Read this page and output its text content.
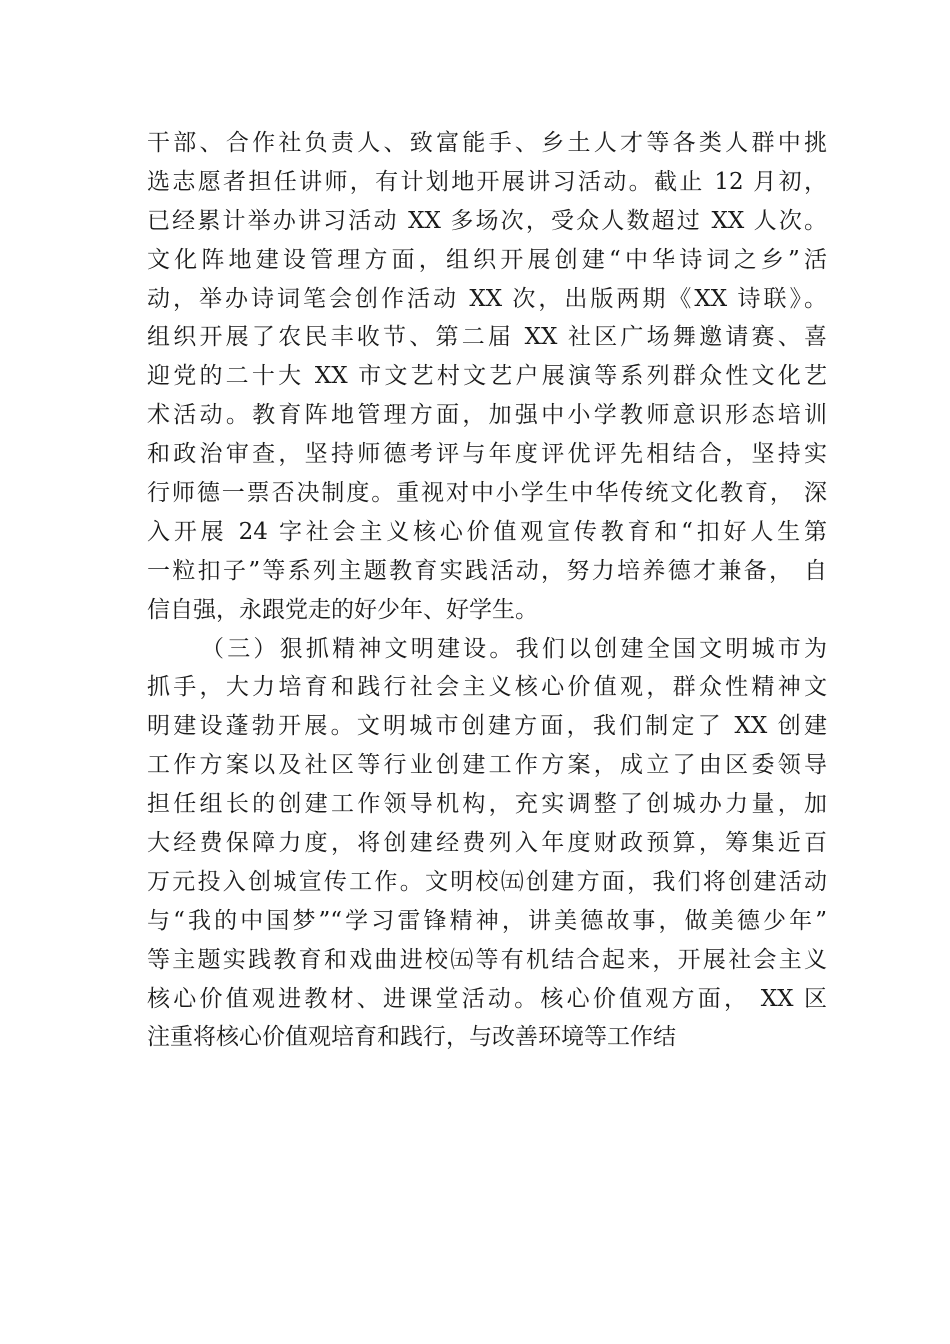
干部、合作社负责人、致富能手、乡土人才等各类人群中挑
选志愿者担任讲师，有计划地开展讲习活动。截止 12 月初，
已经累计举办讲习活动 XX 多场次，受众人数超过 XX 人次。
文化阵地建设管理方面，组织开展创建“中华诗词之乡”活
动，举办诗词笔会创作活动 XX 次，出版两期《XX 诗联》。
组织开展了农民丰收节、第二届 XX 社区广场舞邀请赛、喜
迎党的二十大 XX 市文艺村文艺户展演等系列群众性文化艺
术活动。教育阵地管理方面，加强中小学教师意识形态培训
和政治审查，坚持师德考评与年度评优评先相结合，坚持实
行师德一票否决制度。重视对中小学生中华传统文化教育， 深
入开展 24 字社会主义核心价值观宣传教育和“扣好人生第
一粒扣子”等系列主题教育实践活动，努力培养德才兼备， 自
信自强，永跟党走的好少年、好学生。
（三）狠抓精神文明建设。我们以创建全国文明城市为
抓手，大力培育和践行社会主义核心价值观，群众性精神文
明建设蓬勃开展。文明城市创建方面，我们制定了 XX 创建
工作方案以及社区等行业创建工作方案，成立了由区委领导
担任组长的创建工作领导机构，充实调整了创城办力量，加
大经费保障力度，将创建经费列入年度财政预算，筹集近百
万元投入创城宣传工作。文明校㈤创建方面，我们将创建活动
与“我的中国梦”“学习雷锋精神，讲美德故事，做美德少年”
等主题实践教育和戏曲进校㈤等有机结合起来，开展社会主义
核心价值观进教材、进课堂活动。核心价值观方面， XX 区
注重将核心价值观培育和践行，与改善环境等工作结
